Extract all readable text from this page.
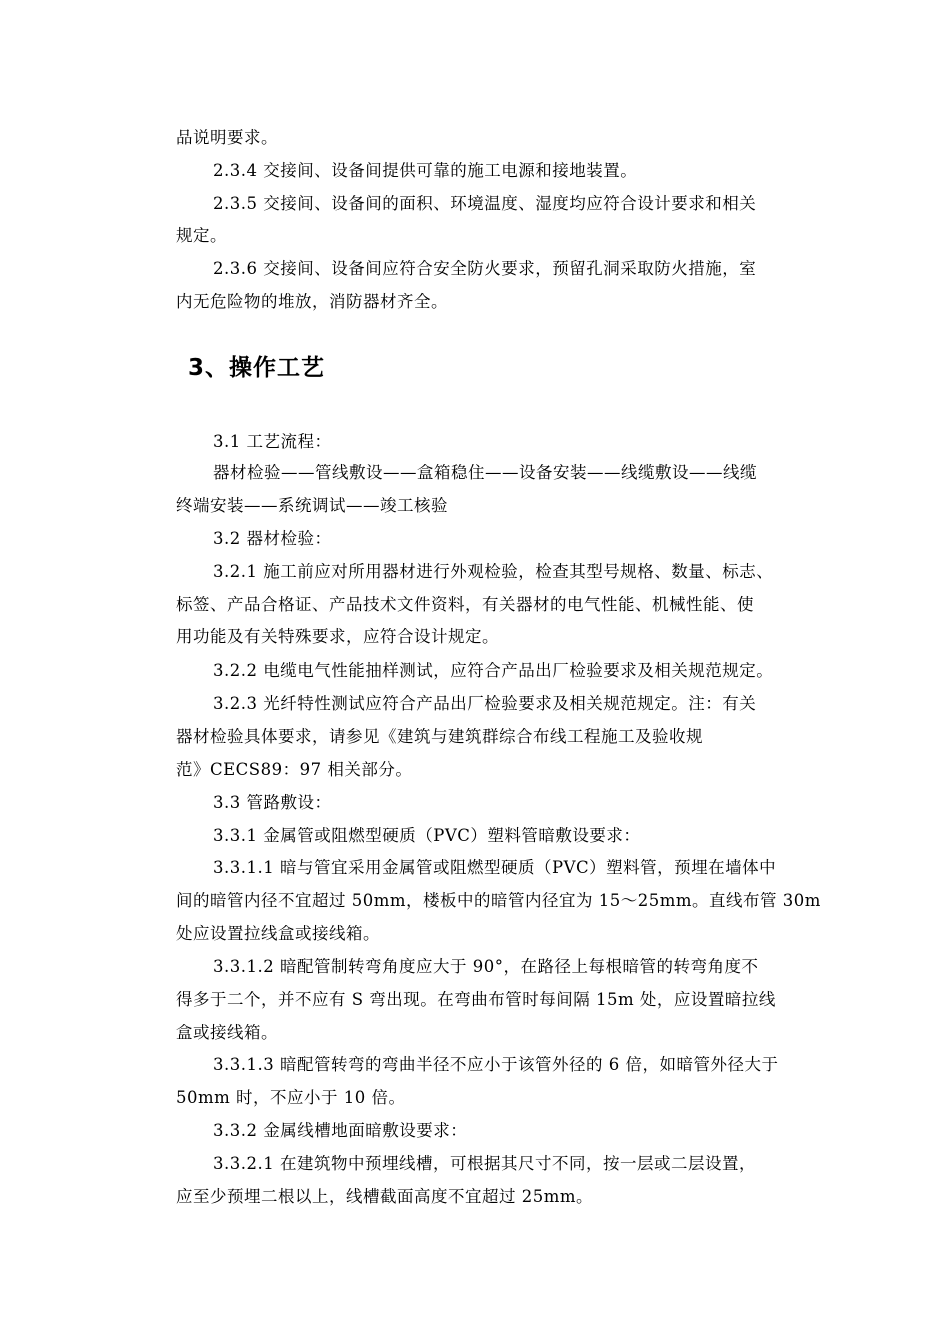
品说明要求。
2.3.4 交接间、设备间提供可靠的施工电源和接地装置。
2.3.5 交接间、设备间的面积、环境温度、湿度均应符合设计要求和相关
规定。
2.3.6 交接间、设备间应符合安全防火要求，预留孔洞采取防火措施，室
内无危险物的堆放，消防器材齐全。
3、操作工艺
3.1 工艺流程：
器材检验——管线敷设——盒箱稳住——设备安装——线缆敷设——线缆
终端安装——系统调试——竣工核验
3.2 器材检验：
3.2.1 施工前应对所用器材进行外观检验，检查其型号规格、数量、标志、
标签、产品合格证、产品技术文件资料，有关器材的电气性能、机械性能、使
用功能及有关特殊要求，应符合设计规定。
3.2.2 电缆电气性能抽样测试，应符合产品出厂检验要求及相关规范规定。
3.2.3 光纤特性测试应符合产品出厂检验要求及相关规范规定。注：有关
器材检验具体要求，请参见《建筑与建筑群综合布线工程施工及验收规
范》CECS89：97 相关部分。
3.3 管路敷设：
3.3.1 金属管或阻燃型硬质（PVC）塑料管暗敷设要求：
3.3.1.1 暗与管宜采用金属管或阻燃型硬质（PVC）塑料管，预埋在墙体中
间的暗管内径不宜超过 50mm，楼板中的暗管内径宜为 15～25mm。直线布管 30m
处应设置拉线盒或接线箱。
3.3.1.2 暗配管制转弯角度应大于 90°，在路径上每根暗管的转弯角度不
得多于二个，并不应有 S 弯出现。在弯曲布管时每间隔 15m 处，应设置暗拉线
盒或接线箱。
3.3.1.3 暗配管转弯的弯曲半径不应小于该管外径的 6 倍，如暗管外径大于
50mm 时，不应小于 10 倍。
3.3.2 金属线槽地面暗敷设要求：
3.3.2.1 在建筑物中预埋线槽，可根据其尺寸不同，按一层或二层设置，
应至少预埋二根以上，线槽截面高度不宜超过 25mm。
